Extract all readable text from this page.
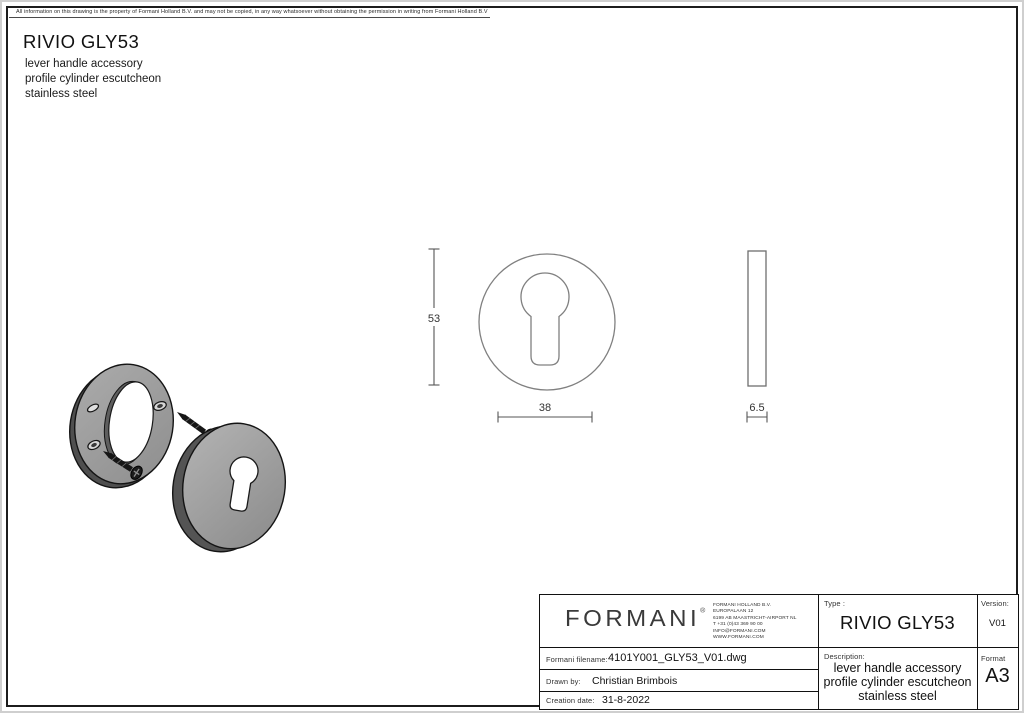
All information on this drawing is the property of Formani Holland B.V. and may not be copied, in any way whatsoever without obtaining the permission in writing from Formani Holland B.V
RIVIO GLY53
lever handle accessory
profile cylinder escutcheon
stainless steel
53
38	6.5
FORMANI®
FORMANI HOLLAND B.V.
EUROPALAAN 12
6199 AB MAASTRICHT-AIRPORT NL
T +31 (0)43 369 90 00
INFO@FORMANI.COM
WWW.FORMANI.COM
Formani filename: 4101Y001_GLY53_V01.dwg
Drawn by: Christian Brimbois
Creation date: 31-8-2022
Type :
RIVIO GLY53
Version:
V01
Description:
lever handle accessory
profile cylinder escutcheon
stainless steel
Format
A3
